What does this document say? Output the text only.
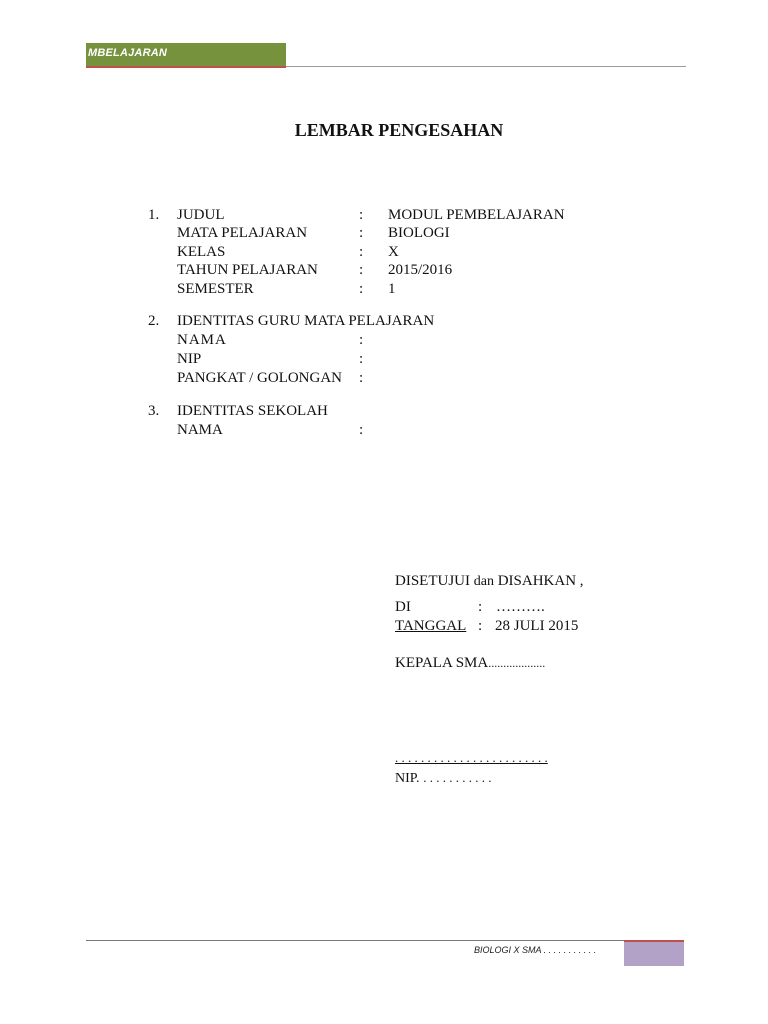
MBELAJARAN
LEMBAR PENGESAHAN
1. JUDUL	: MODUL PEMBELAJARAN
MATA PELAJARAN	: BIOLOGI
KELAS	: X
TAHUN PELAJARAN	: 2015/2016
SEMESTER	: 1
2. IDENTITAS GURU MATA PELAJARAN
NAMA	:
NIP	:
PANGKAT / GOLONGAN :
3. IDENTITAS SEKOLAH
NAMA	:
DISETUJUI dan DISAHKAN ,
DI	: ……….
TANGGAL : 28 JULI 2015
KEPALA SMA...................
. . . . . . . . . . . . . . . . . . . . . . . .
NIP. . . . . . . . . . . .
BIOLOGI X SMA . . . . . . . . . . .
